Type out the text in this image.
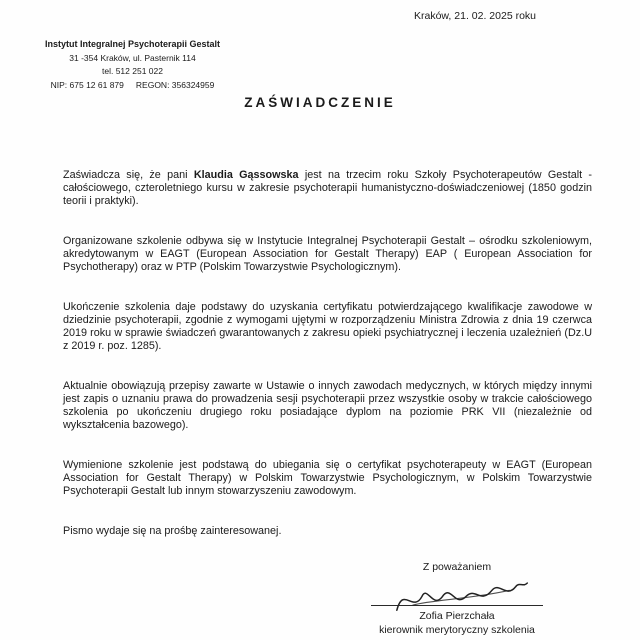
Kraków, 21. 02. 2025 roku
Instytut Integralnej Psychoterapii Gestalt
31 -354 Kraków, ul. Pasternik 114
tel. 512 251 022
NIP: 675 12 61 879 REGON: 356324959
ZAŚWIADCZENIE

Zaświadcza się, że pani Klaudia Gąssowska jest na trzecim roku Szkoły Psychoterapeutów Gestalt - całościowego, czteroletniego kursu w zakresie psychoterapii humanistyczno-doświadczeniowej (1850 godzin teorii i praktyki).

Organizowane szkolenie odbywa się w Instytucie Integralnej Psychoterapii Gestalt – ośrodku szkoleniowym, akredytowanym w EAGT (European Association for Gestalt Therapy) EAP ( European Association for Psychotherapy) oraz w PTP (Polskim Towarzystwie Psychologicznym).

Ukończenie szkolenia daje podstawy do uzyskania certyfikatu potwierdzającego kwalifikacje zawodowe w dziedzinie psychoterapii, zgodnie z wymogami ujętymi w rozporządzeniu Ministra Zdrowia z dnia 19 czerwca 2019 roku w sprawie świadczeń gwarantowanych z zakresu opieki psychiatrycznej i leczenia uzależnień (Dz.U z 2019 r. poz. 1285).

Aktualnie obowiązują przepisy zawarte w Ustawie o innych zawodach medycznych, w których między innymi jest zapis o uznaniu prawa do prowadzenia sesji psychoterapii przez wszystkie osoby w trakcie całościowego szkolenia po ukończeniu drugiego roku posiadające dyplom na poziomie PRK VII (niezależnie od wykształcenia bazowego).

Wymienione szkolenie jest podstawą do ubiegania się o certyfikat psychoterapeuty w EAGT (European Association for Gestalt Therapy) w Polskim Towarzystwie Psychologicznym, w Polskim Towarzystwie Psychoterapii Gestalt lub innym stowarzyszeniu zawodowym.

Pismo wydaje się na prośbę zainteresowanej.

Z poważaniem
Zofia Pierzchała
kierownik merytoryczny szkolenia
